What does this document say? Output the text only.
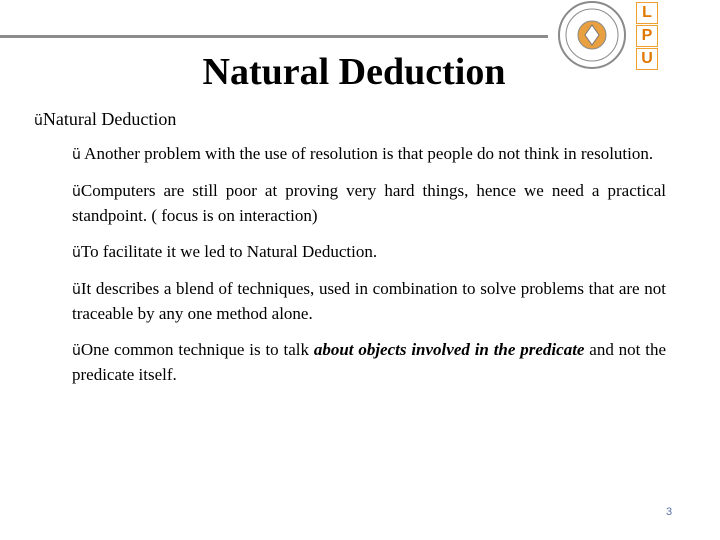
L
P
U
Natural Deduction
üNatural Deduction

ü Another problem with the use of resolution is that people do not think in resolution.

üComputers are still poor at proving very hard things, hence we need a practical standpoint. ( focus is on interaction)

üTo facilitate it we led to Natural Deduction.

üIt describes a blend of techniques, used in combination to solve problems that are not traceable by any one method alone.

üOne common technique is to talk about objects involved in the predicate and not the predicate itself.

3
